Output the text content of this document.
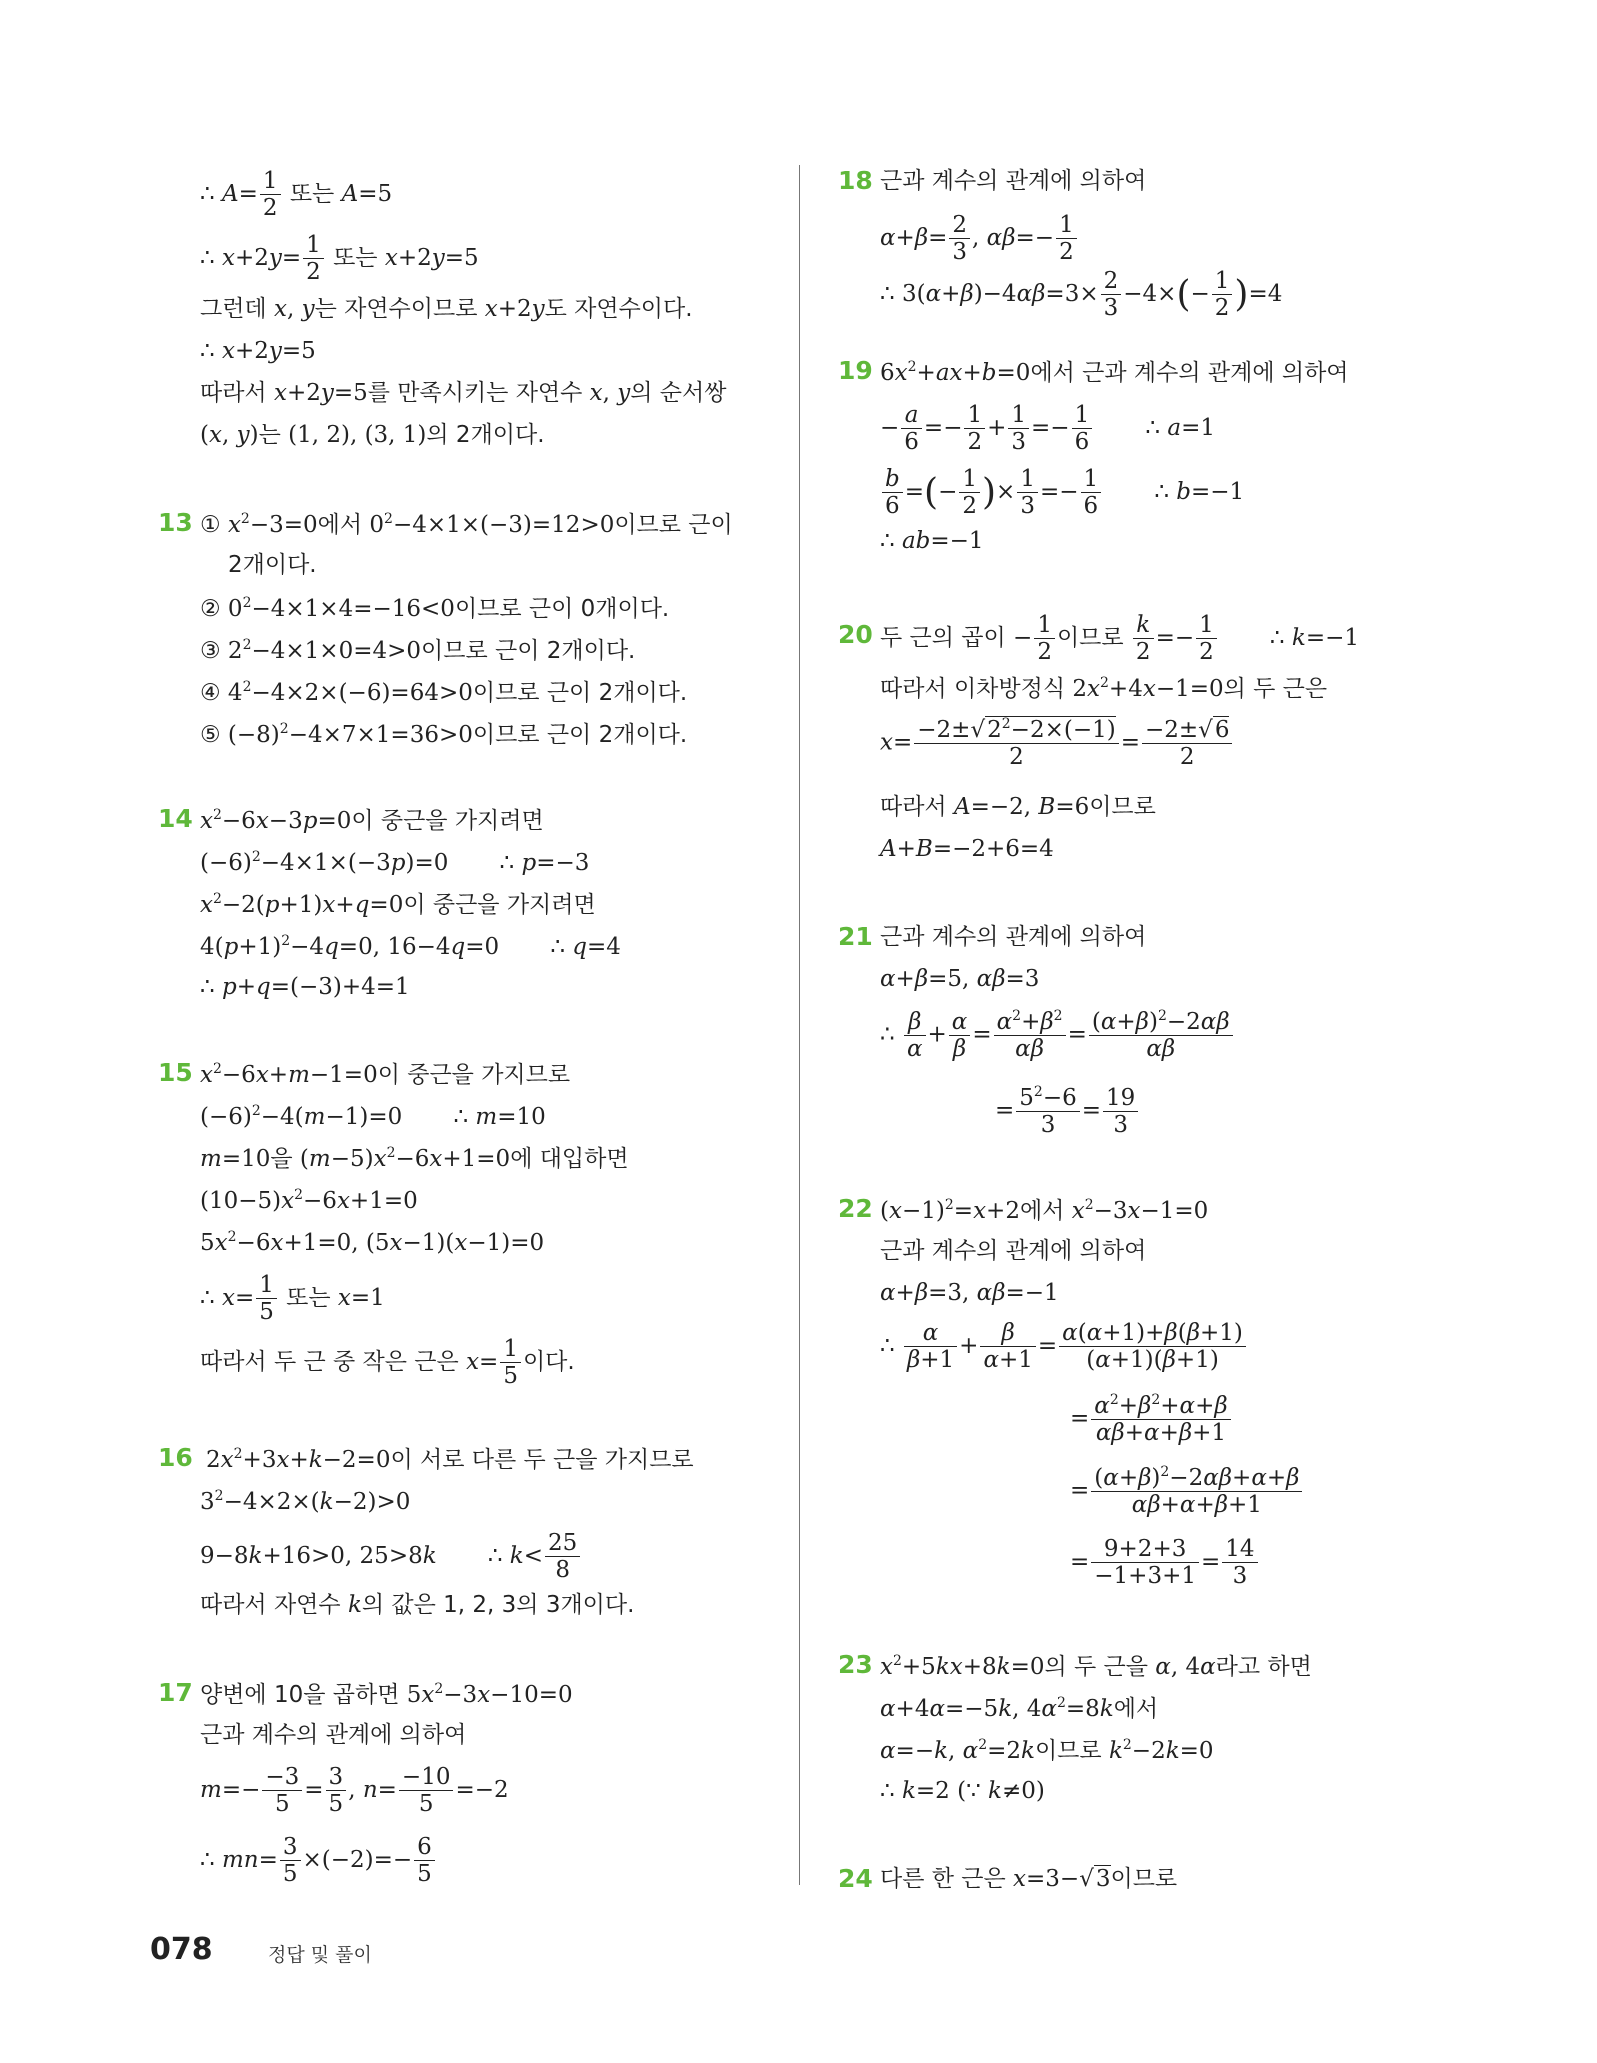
∴ $A= \frac{1}{2}$ 또는 A=5
∴ $x+2y= \frac{1}{2}$ 또는 x+2y=5
그런데 x, y는 자연수이므로 x+2y도 자연수이다.
∴ x+2y=5
따라서 x+2y=5를 만족시키는 자연수 x, y의 순서쌍
(x, y)는 (1, 2), (3, 1)의 2개이다.
13 ① $x^2-3=0$에서 $0^2-4\times 1\times(-3)=12>0$이므로 근이
2개이다.
② $0^2-4\times 1\times 4=-16<0$이므로 근이 0개이다.
③ $2^2-4\times 1\times 0=4>0$이므로 근이 2개이다.
④ $4^2-4\times 2\times(-6)=64>0$이므로 근이 2개이다.
⑤ $(-8)^2-4\times 7\times 1=36>0$이므로 근이 2개이다.
14 $x^2-6x-3p=0$이 중근을 가지려면
$(-6)^2-4\times 1\times(-3p)=0$       ∴ p=−3
$x^2-2(p+1)x+q=0$이 중근을 가지려면
$4(p+1)^2-4q=0$, 16−4q=0       ∴ q=4
∴ p+q=(−3)+4=1
15 $x^2-6x+m-1=0$이 중근을 가지므로
$(-6)^2-4(m-1)=0$       ∴ m=10
m=10을 $(m-5)x^2-6x+1=0$에 대입하면
$(10-5)x^2-6x+1=0$
$5x^2-6x+1=0$, (5x−1)(x−1)=0
∴ $x= \frac{1}{5}$ 또는 x=1
따라서 두 근 중 작은 근은 $x= \frac{1}{5}$ 이다.
16 $2x^2+3x+k-2=0$이 서로 다른 두 근을 가지므로
$3^2-4\times 2\times(k-2)>0$
9−8k+16>0, 25>8k       ∴ $k< \frac{25}{8}$
따라서 자연수 k의 값은 1, 2, 3의 3개이다.
17 양변에 10을 곱하면 $5x^2-3x-10=0$
근과 계수의 관계에 의하여
$m=- \frac{-3}{5} = \frac{3}{5}$ , $n= \frac{-10}{5} =-2$
∴ $mn= \frac{3}{5} \times(-2)=- \frac{6}{5}$
18 근과 계수의 관계에 의하여
$\alpha+\beta= \frac{2}{3}$ , $\alpha\beta=- \frac{1}{2}$
∴ $3(\alpha+\beta)-4\alpha\beta=3\times \frac{2}{3} -4\times(- \frac{1}{2} )=4$
19 $6x^2+ax+b=0$에서 근과 계수의 관계에 의하여
− $\frac{a}{6} =- \frac{1}{2} + \frac{1}{3} =- \frac{1}{6}$ ∴ a=1
$\frac{b}{6}$ =(− $\frac{1}{2}$ )× $\frac{1}{3} =- \frac{1}{6}$ ∴ b=−1
∴ ab=−1
20 두 근의 곱이 − $\frac{1}{2}$ 이므로 $\frac{k}{2} =- \frac{1}{2}$ ∴ k=−1
따라서 이차방정식 $2x^2+4x-1=0$의 두 근은
$x= \frac{-2\pm√2^2-2\times(-1)}{2} = \frac{-2\pm√6}{2}$
따라서 A=−2, B=6이므로
A+B=−2+6=4
21 근과 계수의 관계에 의하여
α+β=5, αβ=3
∴ $\frac{\beta}{\alpha} + \frac{\alpha}{\beta} = \frac{\alpha^2+\beta^2}{\alpha\beta} = \frac{(\alpha+\beta)^2-2\alpha\beta}{\alpha\beta}$
= $\frac{5^2-6}{3} = \frac{19}{3}$
22 $(x-1)^2=x+2$에서 $x^2-3x-1=0$
근과 계수의 관계에 의하여
α+β=3, αβ=−1
∴ $\frac{\alpha}{\beta+1} + \frac{\beta}{\alpha+1} = \frac{\alpha(\alpha+1)+\beta(\beta+1)}{(\alpha+1)(\beta+1)}$
= $\frac{\alpha^2+\beta^2+\alpha+\beta}{\alpha\beta+\alpha+\beta+1}$
= $\frac{(\alpha+\beta)^2-2\alpha\beta+\alpha+\beta}{\alpha\beta+\alpha+\beta+1}$
= $\frac{9+2+3}{-1+3+1} = \frac{14}{3}$
23 $x^2+5kx+8k=0$의 두 근을 α, 4α라고 하면
α+4α=−5k, $4\alpha^2=8k$에서
α=−k, $\alpha^2=2k$이므로 $k^2-2k=0$
∴ k=2 (∵ k≠0)
24 다른 한 근은 x=3−√3이므로
078	정답 및 풀이
